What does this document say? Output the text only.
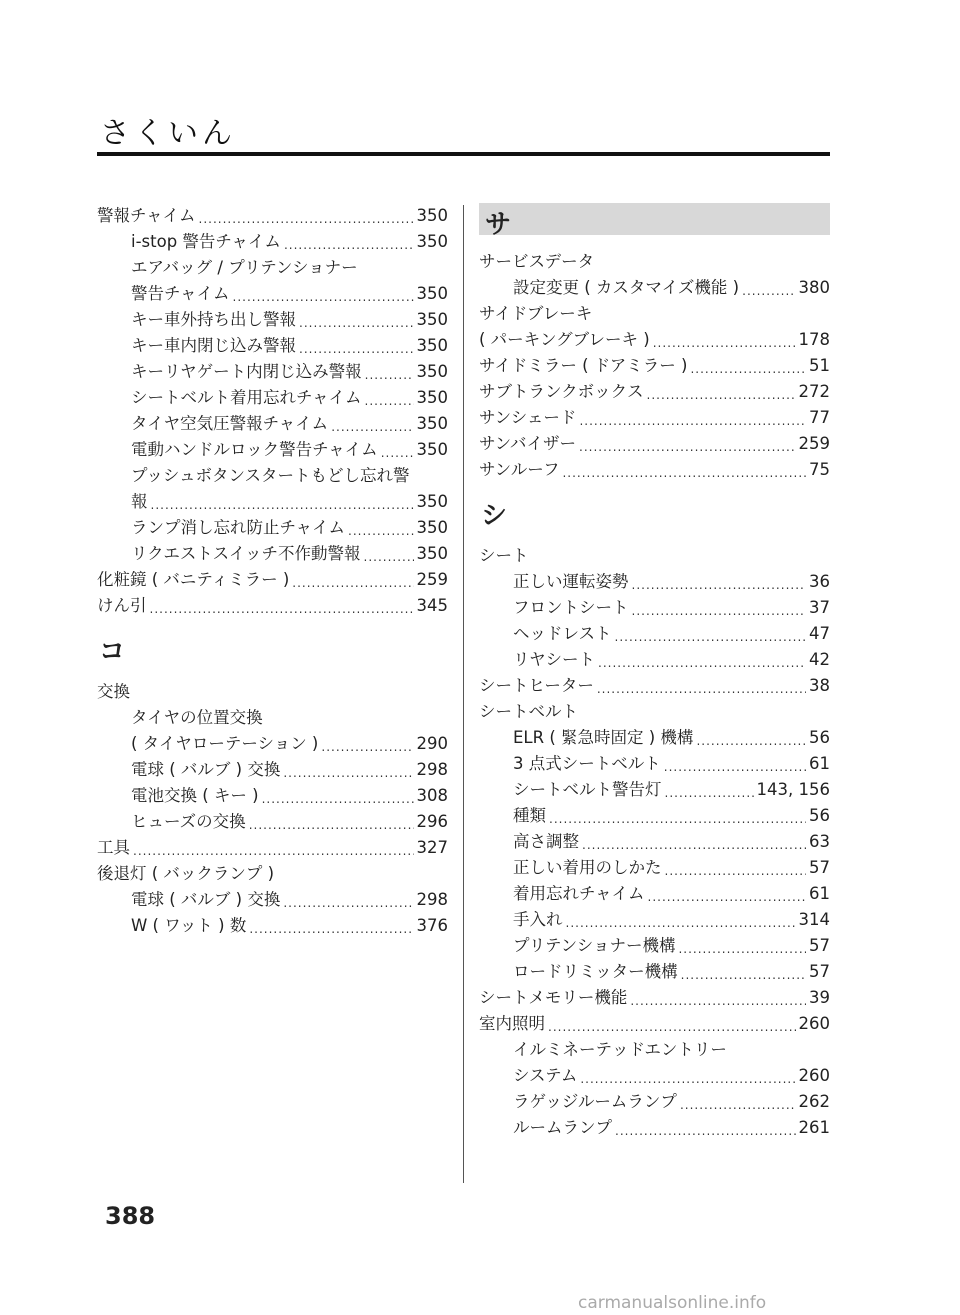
さくいん
警報チャイム .....	350
i-stop 警告チャイム .....	350
エアバッグ / プリテンショナー
警告チャイム .....	350
キー車外持ち出し警報 .....	350
キー車内閉じ込み警報 .....	350
キーリヤゲート内閉じ込み警報 .....	350
シートベルト着用忘れチャイム .....	350
タイヤ空気圧警報チャイム .....	350
電動ハンドルロック警告チャイム ..... 350
プッシュボタンスタートもどし忘れ警
報 .....	350
ランプ消し忘れ防止チャイム .....	350
リクエストスイッチ不作動警報 .....	350
化粧鏡 ( バニティミラー ) .....	259
けん引 .....	345
コ
交換
タイヤの位置交換
( タイヤローテーション ) .....	290
電球 ( バルブ ) 交換 .....	298
電池交換 ( キー ) .....	308
ヒューズの交換 .....	296
工具 .....	327
後退灯 ( バックランプ )
電球 ( バルブ ) 交換 .....	298
W ( ワット ) 数 .....	376
サ
サービスデータ
設定変更 ( カスタマイズ機能 ) .....	380
サイドブレーキ
( パーキングブレーキ ) .....	178
サイドミラー ( ドアミラー ) .....	51
サブトランクボックス .....	272
サンシェード .....	77
サンバイザー .....	259
サンルーフ .....	75
シ
シート
正しい運転姿勢 .....	36
フロントシート .....	37
ヘッドレスト .....	47
リヤシート .....	42
シートヒーター .....	38
シートベルト
ELR ( 緊急時固定 ) 機構 .....	56
3 点式シートベルト .....	61
シートベルト警告灯 .....	143, 156
種類 .....	56
高さ調整 .....	63
正しい着用のしかた .....	57
着用忘れチャイム .....	61
手入れ .....	314
プリテンショナー機構 .....	57
ロードリミッター機構 .....	57
シートメモリー機能 .....	39
室内照明 .....	260
イルミネーテッドエントリー
システム .....	260
ラゲッジルームランプ .....	262
ルームランプ .....	261

388

carmanualsonline.info
